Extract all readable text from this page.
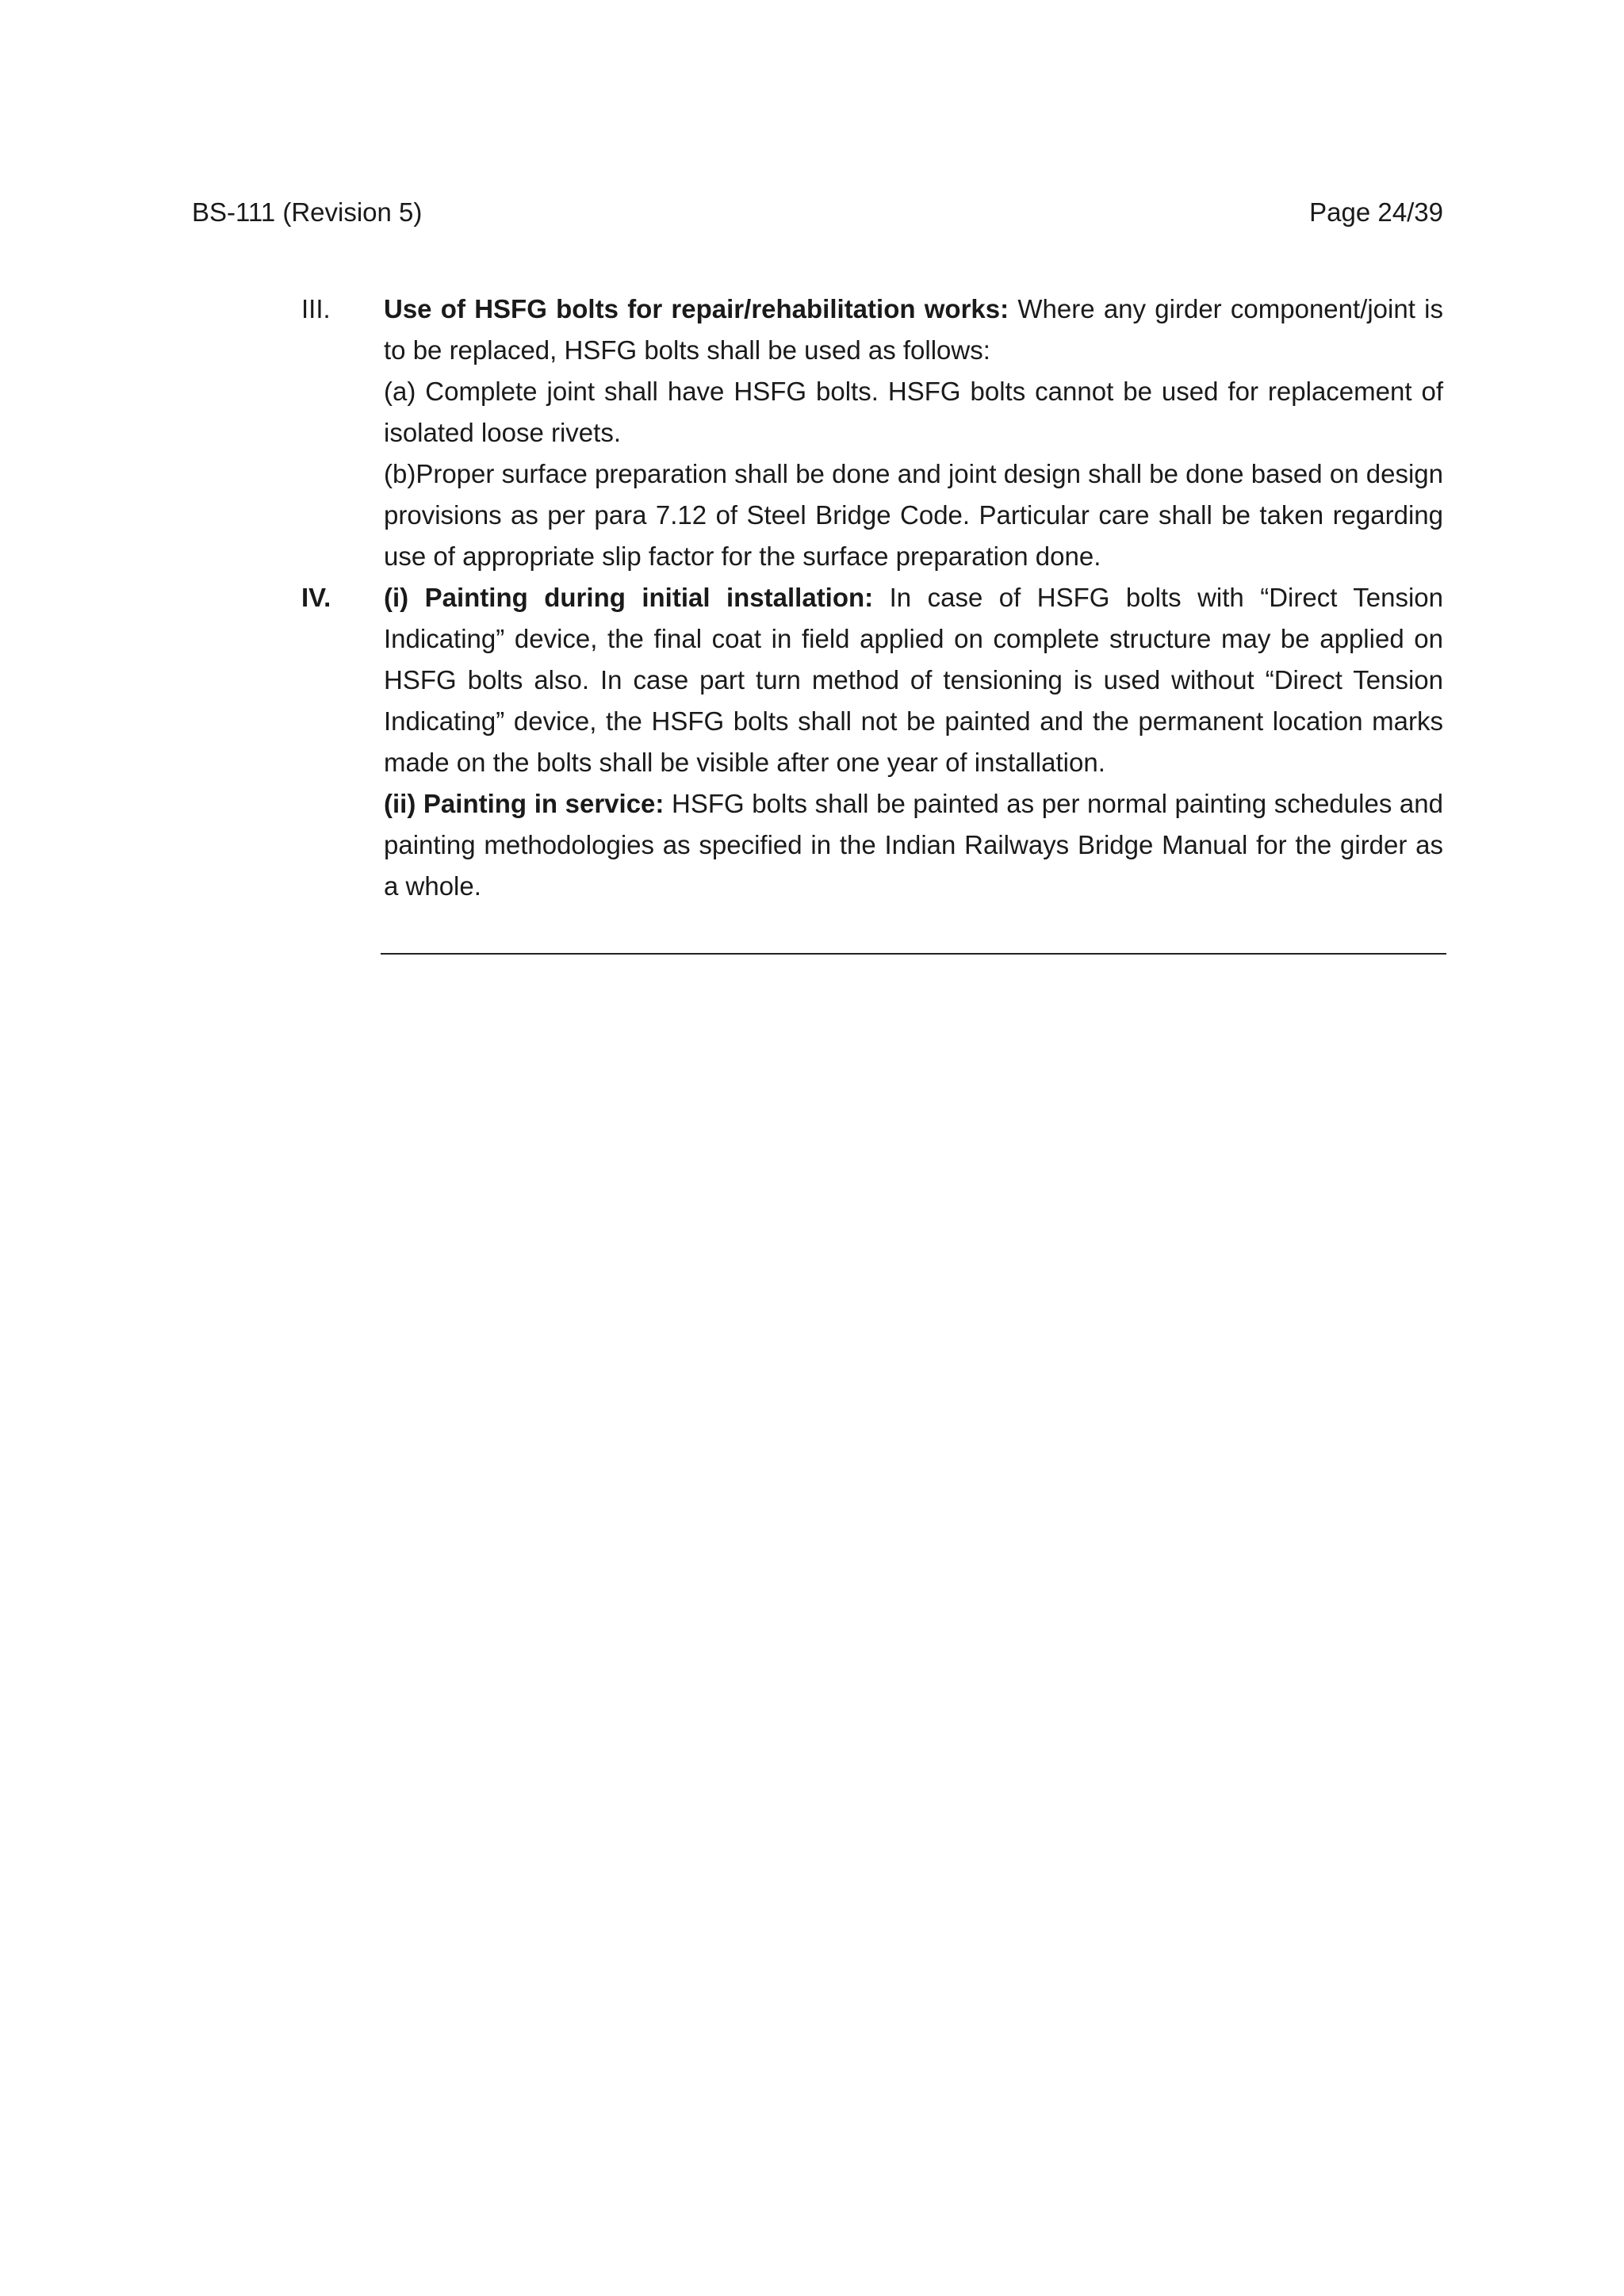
BS-111 (Revision 5)	Page 24/39
III. Use of HSFG bolts for repair/rehabilitation works: Where any girder component/joint is to be replaced, HSFG bolts shall be used as follows:

(a) Complete joint shall have HSFG bolts. HSFG bolts cannot be used for replacement of isolated loose rivets.

(b)Proper surface preparation shall be done and joint design shall be done based on design provisions as per para 7.12 of Steel Bridge Code. Particular care shall be taken regarding use of appropriate slip factor for the surface preparation done.

IV. (i) Painting during initial installation: In case of HSFG bolts with “Direct Tension Indicating” device, the final coat in field applied on complete structure may be applied on HSFG bolts also. In case part turn method of tensioning is used without “Direct Tension Indicating” device, the HSFG bolts shall not be painted and the permanent location marks made on the bolts shall be visible after one year of installation.

(ii) Painting in service: HSFG bolts shall be painted as per normal painting schedules and painting methodologies as specified in the Indian Railways Bridge Manual for the girder as a whole.
